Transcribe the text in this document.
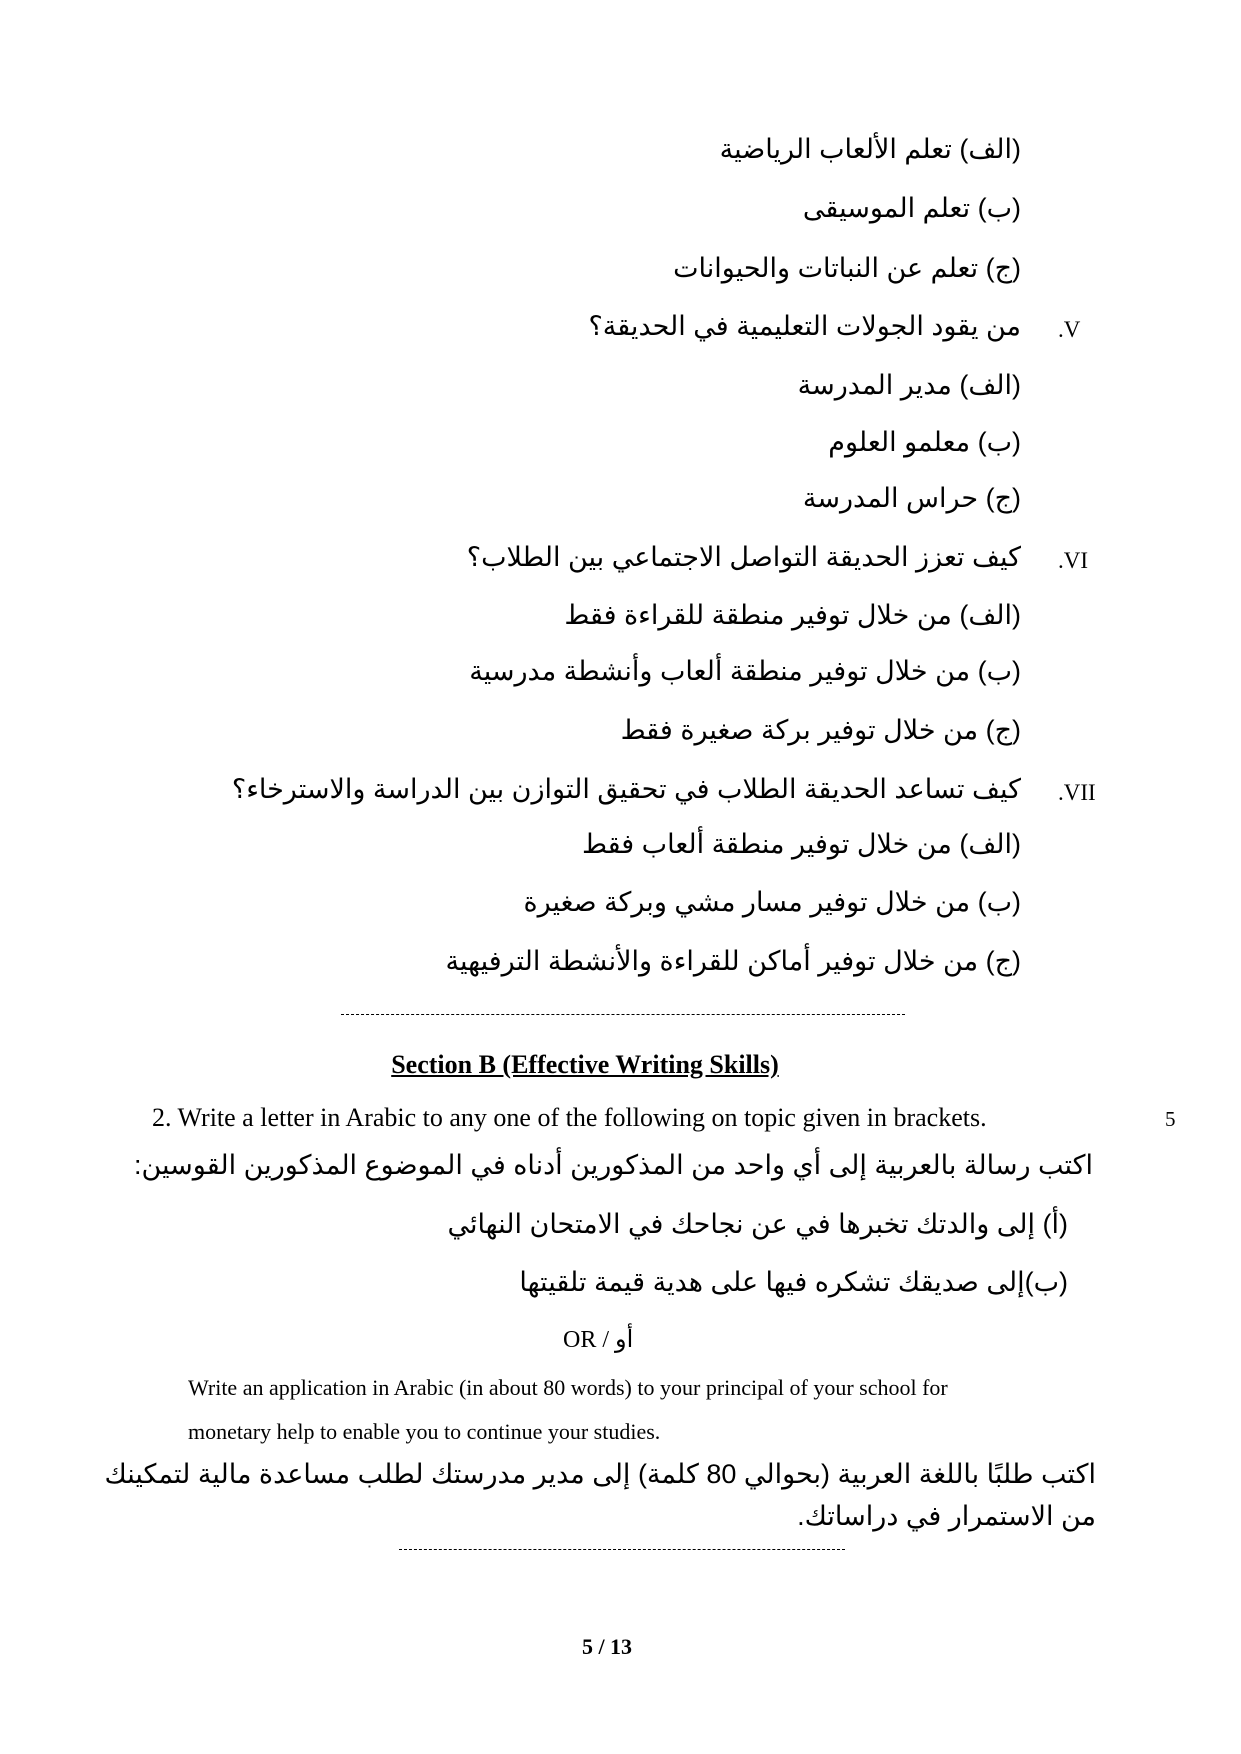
(الف) تعلم الألعاب الرياضية
(ب) تعلم الموسيقى
(ج) تعلم عن النباتات والحيوانات
.V
من يقود الجولات التعليمية في الحديقة؟
(الف) مدير المدرسة
(ب) معلمو العلوم
(ج) حراس المدرسة
.VI
كيف تعزز الحديقة التواصل الاجتماعي بين الطلاب؟
(الف) من خلال توفير منطقة للقراءة فقط
(ب) من خلال توفير منطقة ألعاب وأنشطة مدرسية
(ج) من خلال توفير بركة صغيرة فقط
.VII
كيف تساعد الحديقة الطلاب في تحقيق التوازن بين الدراسة والاسترخاء؟
(الف) من خلال توفير منطقة ألعاب فقط
(ب) من خلال توفير مسار مشي وبركة صغيرة
(ج) من خلال توفير أماكن للقراءة والأنشطة الترفيهية
Section B (Effective Writing Skills)
2. Write a letter in Arabic to any one of the following on topic given in brackets.	5
اكتب رسالة بالعربية إلى أي واحد من المذكورين أدناه في الموضوع المذكورين القوسين:
(أ) إلى والدتك تخبرها في عن نجاحك في الامتحان النهائي
(ب)إلى صديقك تشكره فيها على هدية قيمة تلقيتها
OR / أو
Write an application in Arabic (in about 80 words) to your principal of your school for
monetary help to enable you to continue your studies.
اكتب طلبًا باللغة العربية (بحوالي 80 كلمة) إلى مدير مدرستك لطلب مساعدة مالية لتمكينك
من الاستمرار في دراساتك.
5 / 13
